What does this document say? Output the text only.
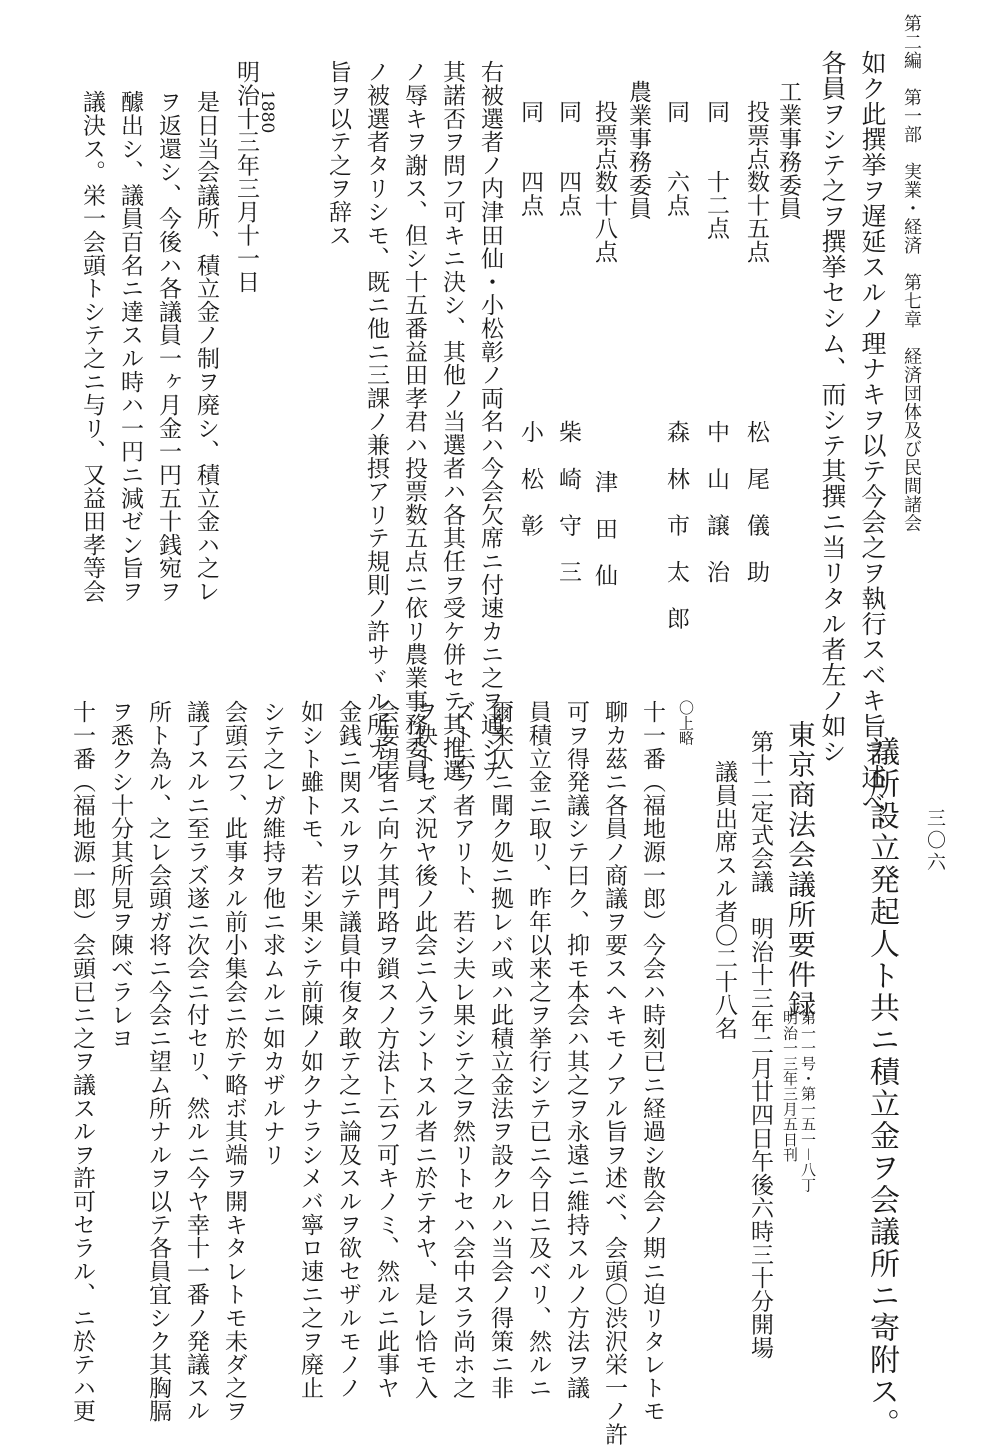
第二編　第一部　実業・経済　第七章　経済団体及び民間諸会
如ク此撰挙ヲ遅延スルノ理ナキヲ以テ今会之ヲ執行スベキ旨ヲ述べ、
各員ヲシテ之ヲ撰挙セシム、而シテ其撰ニ当リタル者左ノ如シ
工業事務委員
投票点数十五点
松　尾　儀　助
同　　十二点
中　山　譲　治
同　　六点
森　林　市　太　郎
農業事務委員
投票点数十八点
津　田　仙
同　　四点
柴　崎　守　三
同　　四点
小　松　彰
右被選者ノ内津田仙・小松彰ノ両名ハ今会欠席ニ付速カニ之ヲ通シテ
其諾否ヲ問フ可キニ決シ、其他ノ当選者ハ各其任ヲ受ケ併セテ其推選
ノ辱キヲ謝ス、但シ十五番益田孝君ハ投票数五点ニ依リ農業事務委員
ノ被選者タリシモ、既ニ他ニ三課ノ兼摂アリテ規則ノ許サヾル所ナル
旨ヲ以テ之ヲ辞ス
1880
明治十三年三月十一日
是日当会議所、積立金ノ制ヲ廃シ、積立金ハ之レ
ヲ返還シ、今後ハ各議員一ヶ月金一円五十銭宛ヲ
醵出シ、議員百名ニ達スル時ハ一円ニ減ゼン旨ヲ
議決ス。栄一会頭トシテ之ニ与リ、又益田孝等会
三〇六
議所設立発起人ト共ニ積立金ヲ会議所ニ寄附ス。
東京商法会議所要件録
第一一号・第一五一－八丁
明治一三年三月五日刊
第十二定式会議　明治十三年二月廿四日午後六時三十分開場
議員出席スル者〇二十八名
〇上略
十一番（福地源一郎）今会ハ時刻已ニ経過シ散会ノ期ニ迫リタレトモ
聊カ茲ニ各員ノ商議ヲ要スヘキモノアル旨ヲ述べ、会頭〇渋沢栄一ノ許
可ヲ得発議シテ曰ク、抑モ本会ハ其之ヲ永遠ニ維持スルノ方法ヲ議
員積立金ニ取リ、昨年以来之ヲ挙行シテ已ニ今日ニ及ベリ、然ルニ
爾来仄ニ聞ク処ニ拠レバ或ハ此積立金法ヲ設クルハ当会ノ得策ニ非
ズト云フ者アリト、若シ夫レ果シテ之ヲ然リトセハ会中スラ尚ホ之
ヲ快トセズ況ヤ後ノ此会ニ入ラントスル者ニ於テオヤ、是レ恰モ入
会要望者ニ向ケ其門路ヲ鎖スノ方法ト云フ可キノミ、然ルニ此事ヤ
金銭ニ関スルヲ以テ議員中復タ敢テ之ニ論及スルヲ欲セザルモノノ
如シト雖トモ、若シ果シテ前陳ノ如クナラシメバ寧ロ速ニ之ヲ廃止
シテ之レガ維持ヲ他ニ求ムルニ如カザルナリ
会頭云フ、此事タル前小集会ニ於テ略ボ其端ヲ開キタレトモ未ダ之ヲ
議了スルニ至ラズ遂ニ次会ニ付セリ、然ルニ今ヤ幸十一番ノ発議スル
所ト為ル、之レ会頭ガ将ニ今会ニ望ム所ナルヲ以テ各員宜シク其胸膈
ヲ悉クシ十分其所見ヲ陳べラレヨ
十一番（福地源一郎）会頭已ニ之ヲ議スルヲ許可セラル、ニ於テハ更
